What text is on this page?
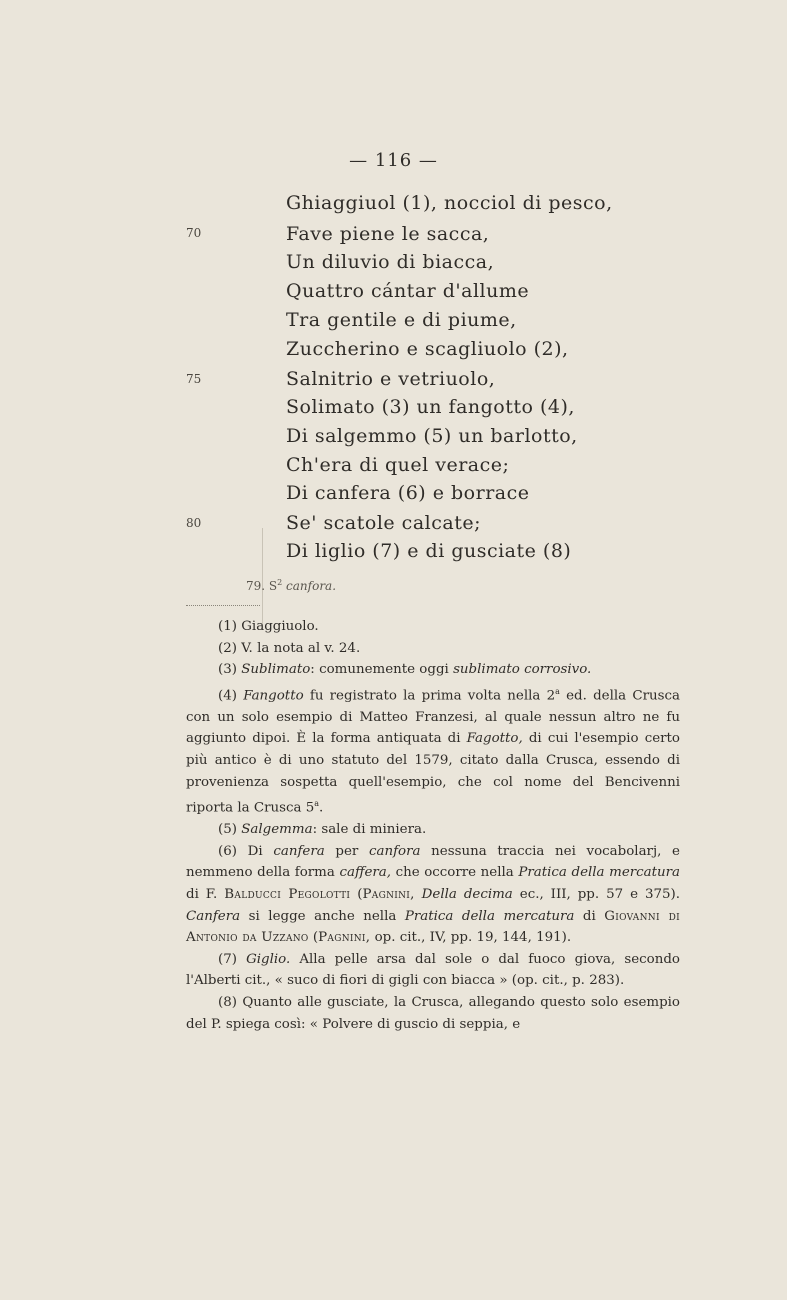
— 116 —
Ghiaggiuol (1), nocciol di pesco,
70	Fave piene le sacca,
Un diluvio di biacca,
Quattro cántar d'allume
Tra gentile e di piume,
Zuccherino e scagliuolo (2),
75	Salnitrio e vetriuolo,
Solimato (3) un fangotto (4),
Di salgemmo (5) un barlotto,
Ch'era di quel verace;
Di canfera (6) e borrace
80	Se' scatole calcate;
Di liglio (7) e di gusciate (8)
79. $S^2$ canfora.

(1) Giaggiuolo.

(2) V. la nota al v. 24.

(3) Sublimato: comunemente oggi sublimato corrosivo.

(4) Fangotto fu registrato la prima volta nella 2$^a$ ed. della Crusca con un solo esempio di Matteo Franzesi, al quale nessun altro ne fu aggiunto dipoi. È la forma antiquata di Fagotto, di cui l'esempio certo più antico è di uno statuto del 1579, citato dalla Crusca, essendo di provenienza sospetta quell'esempio, che col nome del Bencivenni riporta la Crusca 5$^a$.

(5) Salgemma: sale di miniera.

(6) Di canfera per canfora nessuna traccia nei vocabolarj, e nemmeno della forma caffera, che occorre nella Pratica della mercatura di F. Balducci Pegolotti (Pagnini, Della decima ec., III, pp. 57 e 375). Canfera si legge anche nella Pratica della mercatura di Giovanni di Antonio da Uzzano (Pagnini, op. cit., IV, pp. 19, 144, 191).

(7) Giglio. Alla pelle arsa dal sole o dal fuoco giova, secondo l'Alberti cit., « suco di fiori di gigli con biacca » (op. cit., p. 283).

(8) Quanto alle gusciate, la Crusca, allegando questo solo esempio del P. spiega così: « Polvere di guscio di seppia, e
